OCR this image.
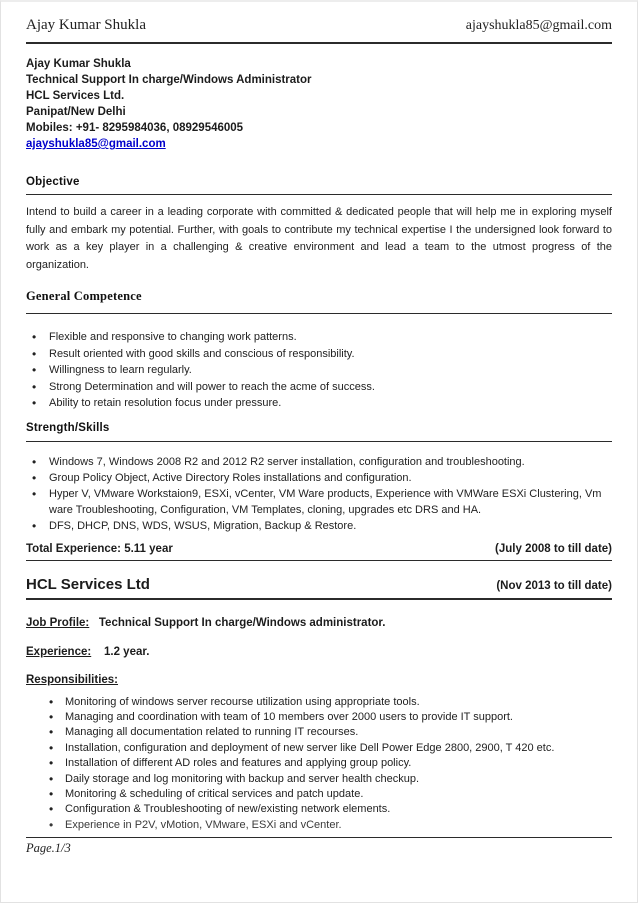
Ajay Kumar Shukla	ajayshukla85@gmail.com
Ajay Kumar Shukla
Technical Support In charge/Windows Administrator
HCL Services Ltd.
Panipat/New Delhi
Mobiles: +91- 8295984036, 08929546005
ajayshukla85@gmail.com
Objective
Intend to build a career in a leading corporate with committed & dedicated people that will help me in exploring myself fully and embark my potential. Further, with goals to contribute my technical expertise I the undersigned look forward to work as a key player in a challenging & creative environment and lead a team to the utmost progress of the organization.
General Competence
• Flexible and responsive to changing work patterns.
• Result oriented with good skills and conscious of responsibility.
• Willingness to learn regularly.
• Strong Determination and will power to reach the acme of success.
• Ability to retain resolution focus under pressure.
Strength/Skills
• Windows 7, Windows 2008 R2 and 2012 R2 server installation, configuration and troubleshooting.
• Group Policy Object, Active Directory Roles installations and configuration.
• Hyper V, VMware Workstaion9, ESXi, vCenter, VM Ware products, Experience with VMWare ESXi Clustering, Vm ware Troubleshooting, Configuration, VM Templates, cloning, upgrades etc DRS and HA.
• DFS, DHCP, DNS, WDS, WSUS, Migration, Backup & Restore.
Total Experience: 5.11 year	(July 2008 to till date)
HCL Services Ltd	(Nov 2013 to till date)
Job Profile: Technical Support In charge/Windows administrator.
Experience: 1.2 year.
Responsibilities:
• Monitoring of windows server recourse utilization using appropriate tools.
• Managing and coordination with team of 10 members over 2000 users to provide IT support.
• Managing all documentation related to running IT recourses.
• Installation, configuration and deployment of new server like Dell Power Edge 2800, 2900, T 420 etc.
• Installation of different AD roles and features and applying group policy.
• Daily storage and log monitoring with backup and server health checkup.
• Monitoring & scheduling of critical services and patch update.
• Configuration & Troubleshooting of new/existing network elements.
• Experience in P2V, vMotion, VMware, ESXi and vCenter.
Page.1/3
